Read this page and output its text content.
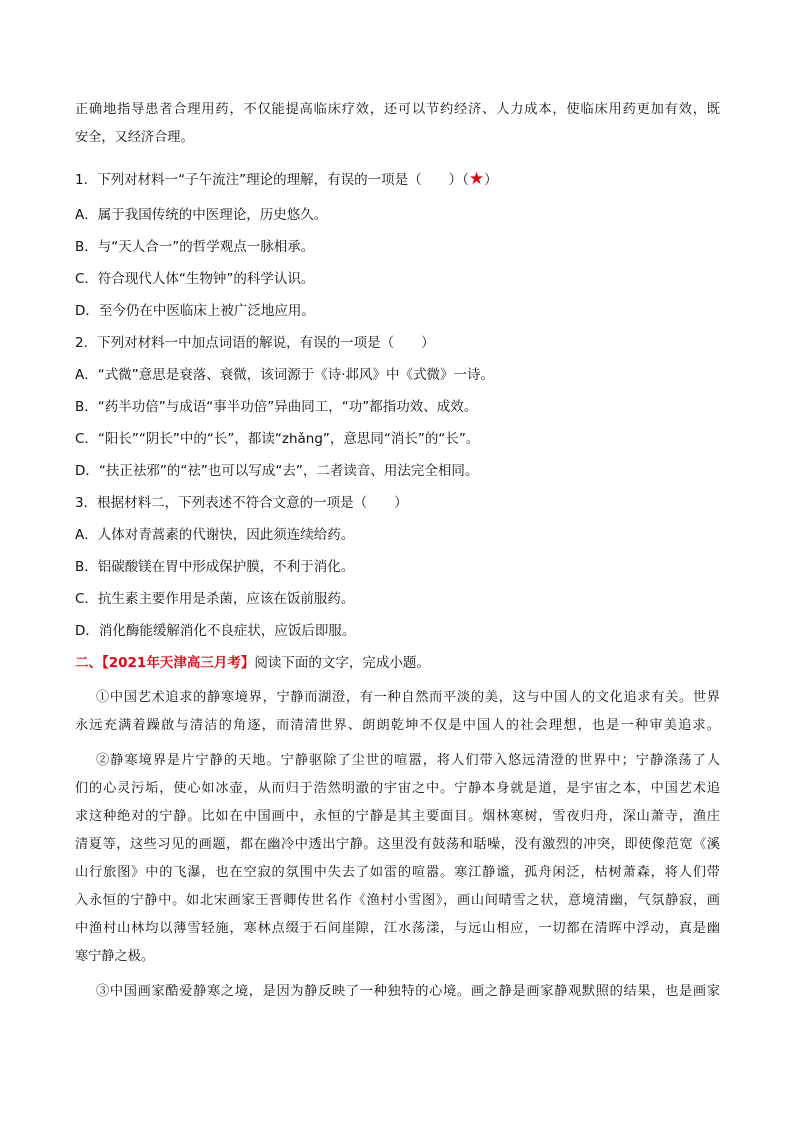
正确地指导患者合理用药，不仅能提高临床疗效，还可以节约经济、人力成本，使临床用药更加有效，既
安全，又经济合理。
1．下列对材料一“子午流注”理论的理解，有误的一项是（　　）（★）
A．属于我国传统的中医理论，历史悠久。
B．与“天人合一”的哲学观点一脉相承。
C．符合现代人体“生物钟”的科学认识。
D．至今仍在中医临床上被广泛地应用。
2．下列对材料一中加点词语的解说，有误的一项是（　　）
A．“式微”意思是衰落、衰微，该词源于《诗·邶风》中《式微》一诗。
B．“药半功倍”与成语“事半功倍”异曲同工，“功”都指功效、成效。
C．“阳长”“阴长”中的“长”，都读“zhǎng”，意思同“消长”的“长”。
D．“扶正祛邪”的“祛”也可以写成“去”，二者读音、用法完全相同。
3．根据材料二，下列表述不符合文意的一项是（　　）
A．人体对青蒿素的代谢快，因此须连续给药。
B．铝碳酸镁在胃中形成保护膜，不利于消化。
C．抗生素主要作用是杀菌，应该在饭前服药。
D．消化酶能缓解消化不良症状，应饭后即服。
二、【2021年天津高三月考】阅读下面的文字，完成小题。
①中国艺术追求的静寒境界，宁静而湖澄，有一种自然而平淡的美，这与中国人的文化追求有关。世界
永远充满着躁啟与清洁的角逐，而清清世界、朗朗乾坤不仅是中国人的社会理想，也是一种审美追求。
②静寒境界是片宁静的天地。宁静驱除了尘世的喧嚣，将人们带入悠远清澄的世界中；宁静涤荡了人
们的心灵污垢，使心如冰壶，从而归于浩然明澈的宇宙之中。宁静本身就是道，是宇宙之本，中国艺术追
求这种绝对的宁静。比如在中国画中，永恒的宁静是其主要面目。烟林寒树，雪夜归舟，深山萧寺，渔庄
清夏等，这些习见的画题，都在幽冷中透出宁静。这里没有鼓荡和聒噪，没有激烈的冲突，即使像范宽《溪
山行旅图》中的飞瀑，也在空寂的氛围中失去了如雷的喧嚣。寒江静谧，孤舟闲泛，枯树萧森，将人们带
入永恒的宁静中。如北宋画家王晋卿传世名作《渔村小雪图》，画山间晴雪之状，意境清幽，气氛静寂，画
中渔村山林均以薄雪轻施，寒林点缀于石间崖隙，江水荡漾，与远山相应，一切都在清晖中浮动，真是幽
寒宁静之极。
③中国画家酷爱静寒之境，是因为静反映了一种独特的心境。画之静是画家静观默照的结果，也是画家
